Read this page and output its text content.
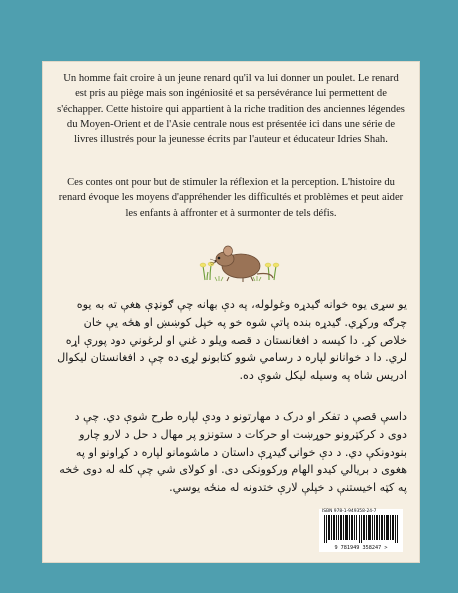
Un homme fait croire à un jeune renard qu'il va lui donner un poulet. Le renard est pris au piège mais son ingéniosité et sa persévérance lui permettent de s'échapper. Cette histoire qui appartient à la riche tradition des anciennes légendes du Moyen-Orient et de l'Asie centrale nous est présentée ici dans une série de livres illustrés pour la jeunesse écrits par l'auteur et éducateur Idries Shah.
Ces contes ont pour but de stimuler la réflexion et la perception. L'histoire du renard évoque les moyens d'appréhender les difficultés et problèmes et peut aider les enfants à affronter et à surmonter de tels défis.
یو سړی یوه خوانه ګیدړه وغولوله، په دې بهانه چې ګونډې هغې ته به یوه چرګه ورکړي. ګیدړه بنده پاتې شوه خو په خپل کوښښ او هڅه یې خان خلاص کړ. دا کیسه د افغانستان د قصه ویلو د غني او لرغوني دود پورې اړه لري. دا د خوانانو لپاره د رسامي شوو کتابونو لړۍ ده چې د افغانستان لیکوال ادریس شاه په وسیله لیکل شوې ده.
داسې قصې د تفکر او درک د مهارتونو د ودې لپاره طرح شوې دي. چې د دوی د کرکټرونو حوړښت او حرکات د ستونزو پر مهال د حل د لارو چارو بنودونکې دي. د دې خوانۍ ګیدړې داستان د ماشومانو لپاره د کړاونو او په هغوی د بریالي کیدو الهام ورکوونکی دی. او کولای شي چې کله له دوی څخه په کټه اخیستنې د خپلې لارې ختدونه له منځه یوسي.
ISBN 978-1-949358-24-7
9 781949 358247 >
